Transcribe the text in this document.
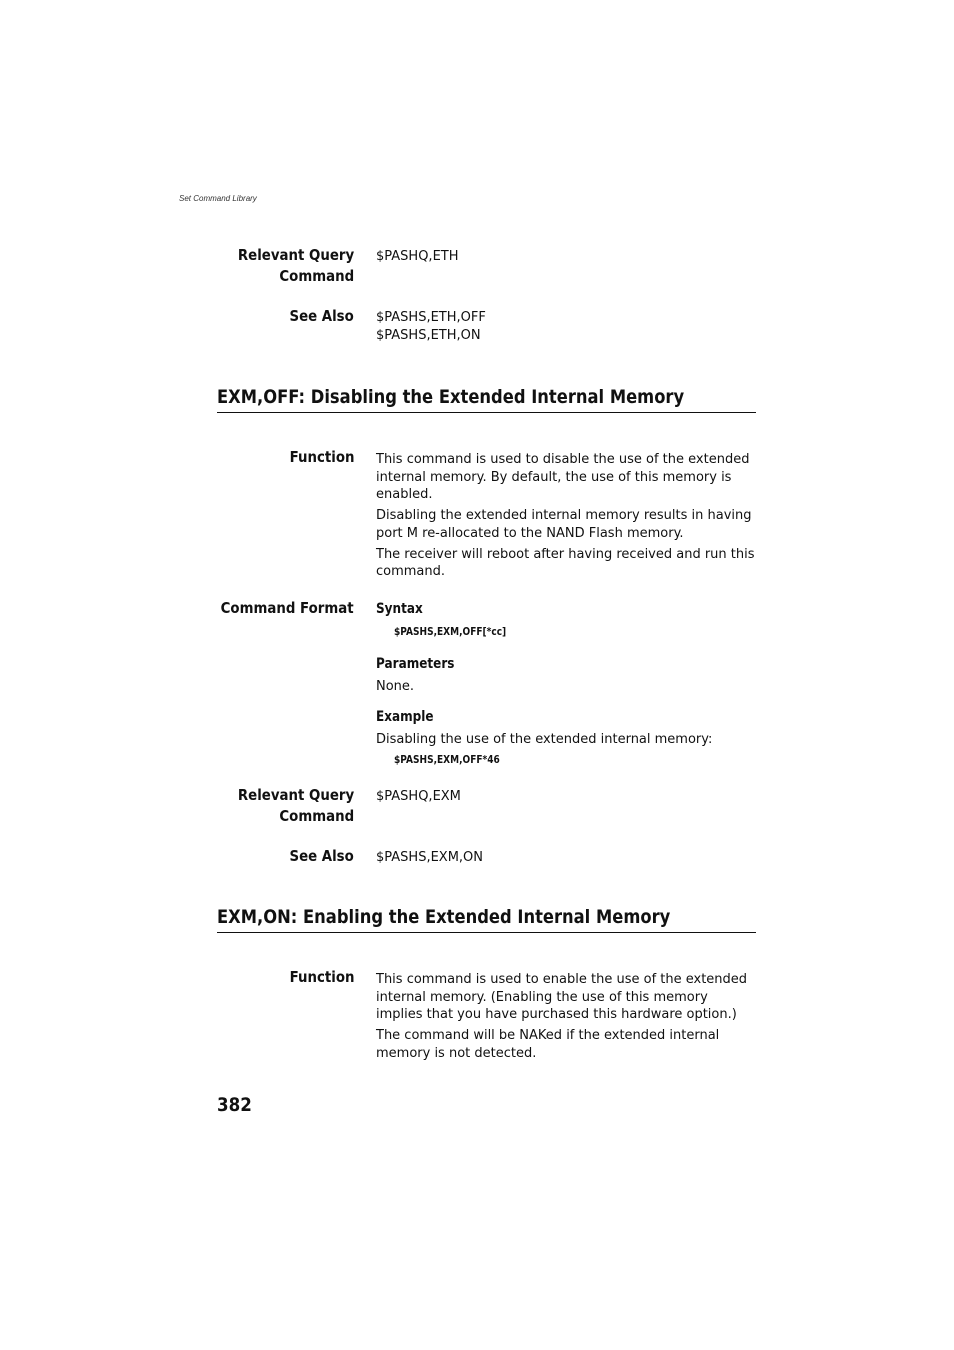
Set Command Library
Relevant Query
Command
$PASHQ,ETH
See Also $PASHS,ETH,OFF
$PASHS,ETH,ON
EXM,OFF: Disabling the Extended Internal Memory
Function This command is used to disable the use of the extended internal memory. By default, the use of this memory is enabled.

Disabling the extended internal memory results in having port M re-allocated to the NAND Flash memory.

The receiver will reboot after having received and run this command.

Command Format Syntax
$PASHS,EXM,OFF[*cc]
Parameters
None.
Example
Disabling the use of the extended internal memory:
$PASHS,EXM,OFF*46
Relevant Query
Command
$PASHQ,EXM
See Also $PASHS,EXM,ON
EXM,ON: Enabling the Extended Internal Memory
Function This command is used to enable the use of the extended internal memory. (Enabling the use of this memory implies that you have purchased this hardware option.)

The command will be NAKed if the extended internal memory is not detected.

382
